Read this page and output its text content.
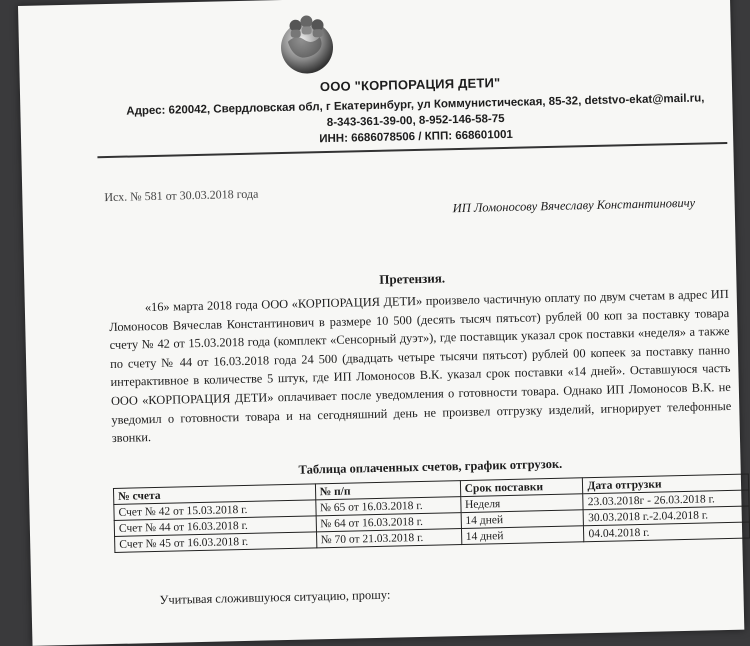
ООО "КОРПОРАЦИЯ ДЕТИ"
Адрес: 620042, Свердловская обл, г Екатеринбург, ул Коммунистическая, 85-32, detstvo-ekat@mail.ru,
8-343-361-39-00, 8-952-146-58-75
ИНН: 6686078506 / КПП: 668601001
Исх. № 581 от 30.03.2018 года
ИП Ломоносову Вячеславу Константиновичу
Претензия.

«16» марта 2018 года ООО «КОРПОРАЦИЯ ДЕТИ» произвело частичную оплату по двум счетам в адрес ИП Ломоносов Вячеслав Константинович в размере 10 500 (десять тысяч пятьсот) рублей 00 коп за поставку товара счету № 42 от 15.03.2018 года (комплект «Сенсорный дуэт»), где поставщик указал срок поставки «неделя» а также по счету № 44 от 16.03.2018 года 24 500 (двадцать четыре тысячи пятьсот) рублей 00 копеек за поставку панно интерактивное в количестве 5 штук, где ИП Ломоносов В.К. указал срок поставки «14 дней». Оставшуюся часть ООО «КОРПОРАЦИЯ ДЕТИ» оплачивает после уведомления о готовности товара. Однако ИП Ломоносов В.К. не уведомил о готовности товара и на сегодняшний день не произвел отгрузку изделий, игнорирует телефонные звонки.

Таблица оплаченных счетов, график отгрузок.
№ счета	№ п/п	Срок поставки	Дата отгрузки
Счет № 42 от 15.03.2018 г.	№ 65 от 16.03.2018 г.	Неделя	23.03.2018г - 26.03.2018 г.
Счет № 44 от 16.03.2018 г.	№ 64 от 16.03.2018 г.	14 дней	30.03.2018 г.-2.04.2018 г.
Счет № 45 от 16.03.2018 г.	№ 70 от 21.03.2018 г.	14 дней	04.04.2018 г.
Учитывая сложившуюся ситуацию, прошу:
